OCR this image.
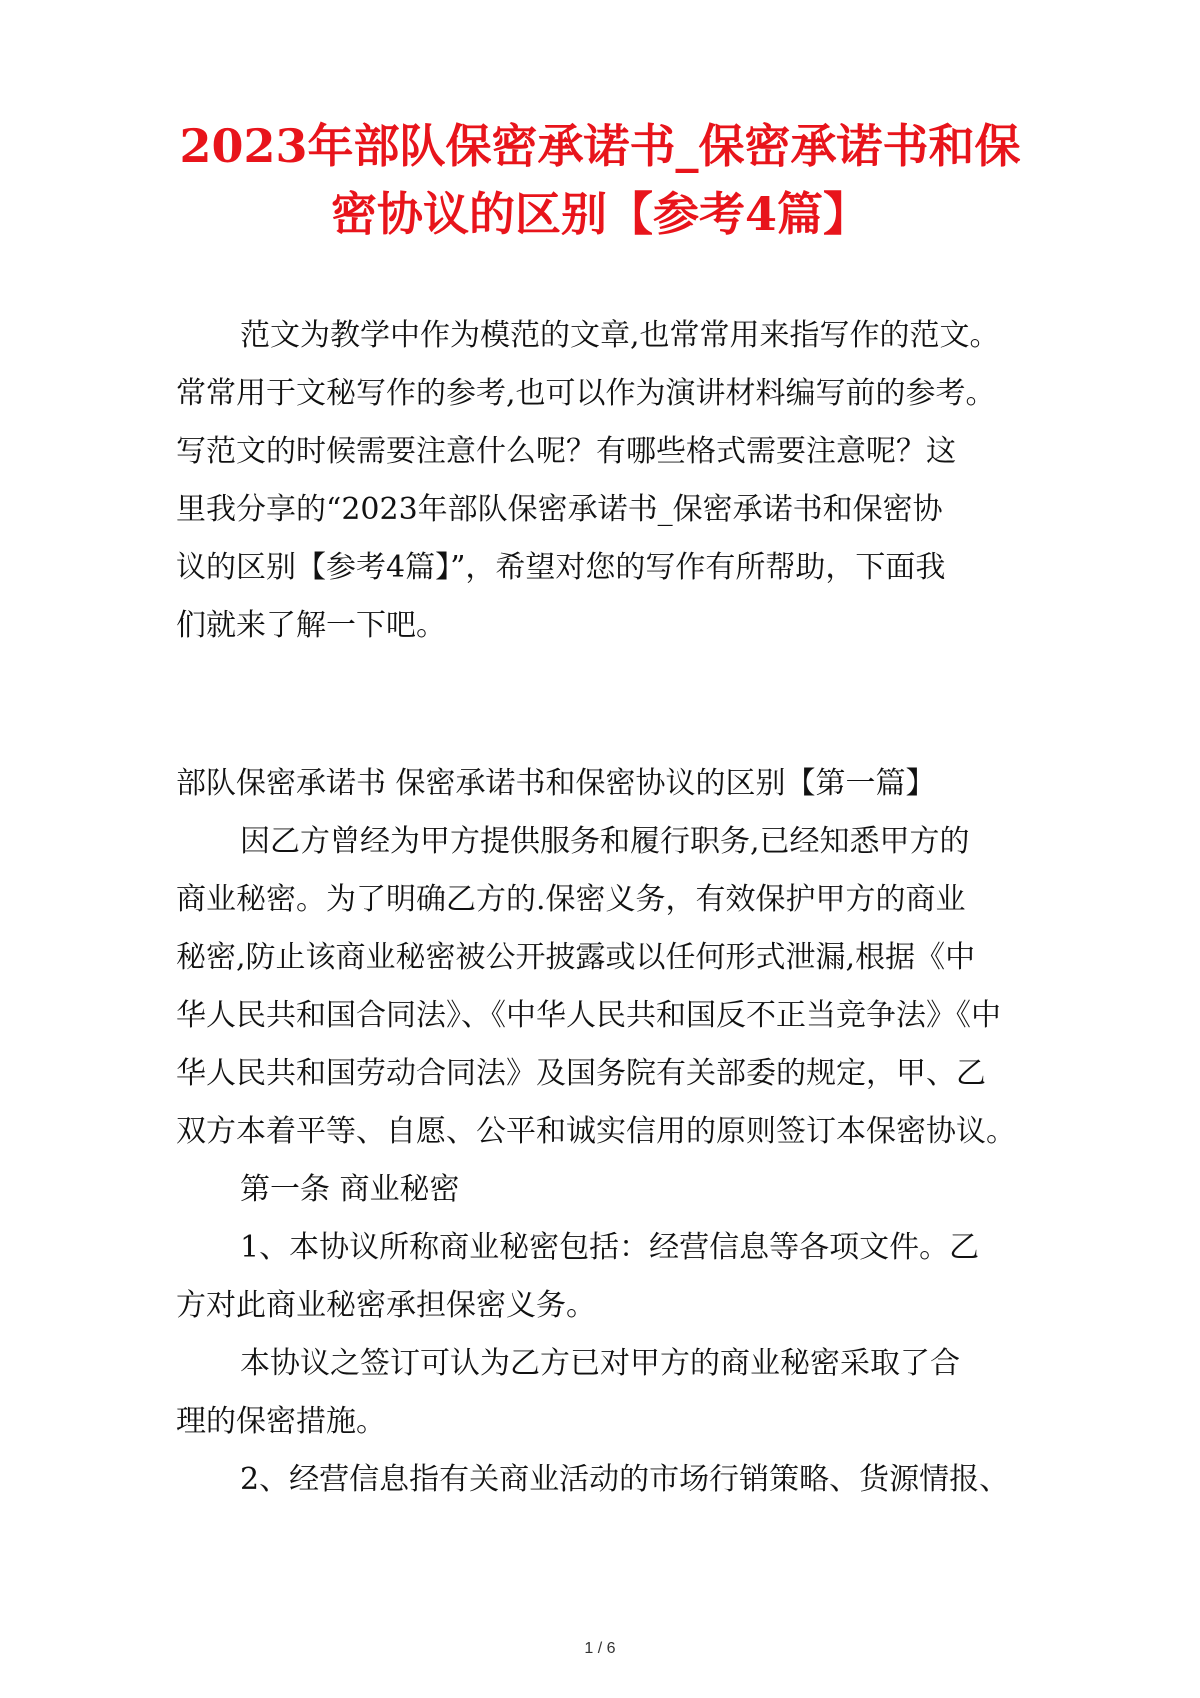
2023年部队保密承诺书_保密承诺书和保
密协议的区别【参考4篇】
范文为教学中作为模范的文章,也常常用来指写作的范文。
常常用于文秘写作的参考,也可以作为演讲材料编写前的参考。
写范文的时候需要注意什么呢？有哪些格式需要注意呢？这
里我分享的“2023年部队保密承诺书_保密承诺书和保密协
议的区别【参考4篇】”，希望对您的写作有所帮助，下面我
们就来了解一下吧。
部队保密承诺书 保密承诺书和保密协议的区别【第一篇】
因乙方曾经为甲方提供服务和履行职务,已经知悉甲方的
商业秘密。为了明确乙方的.保密义务，有效保护甲方的商业
秘密,防止该商业秘密被公开披露或以任何形式泄漏,根据《中
华人民共和国合同法》、《中华人民共和国反不正当竞争法》《中
华人民共和国劳动合同法》及国务院有关部委的规定，甲、乙
双方本着平等、自愿、公平和诚实信用的原则签订本保密协议。
第一条 商业秘密
1、本协议所称商业秘密包括：经营信息等各项文件。乙
方对此商业秘密承担保密义务。
本协议之签订可认为乙方已对甲方的商业秘密采取了合
理的保密措施。
2、经营信息指有关商业活动的市场行销策略、货源情报、
1 / 6
